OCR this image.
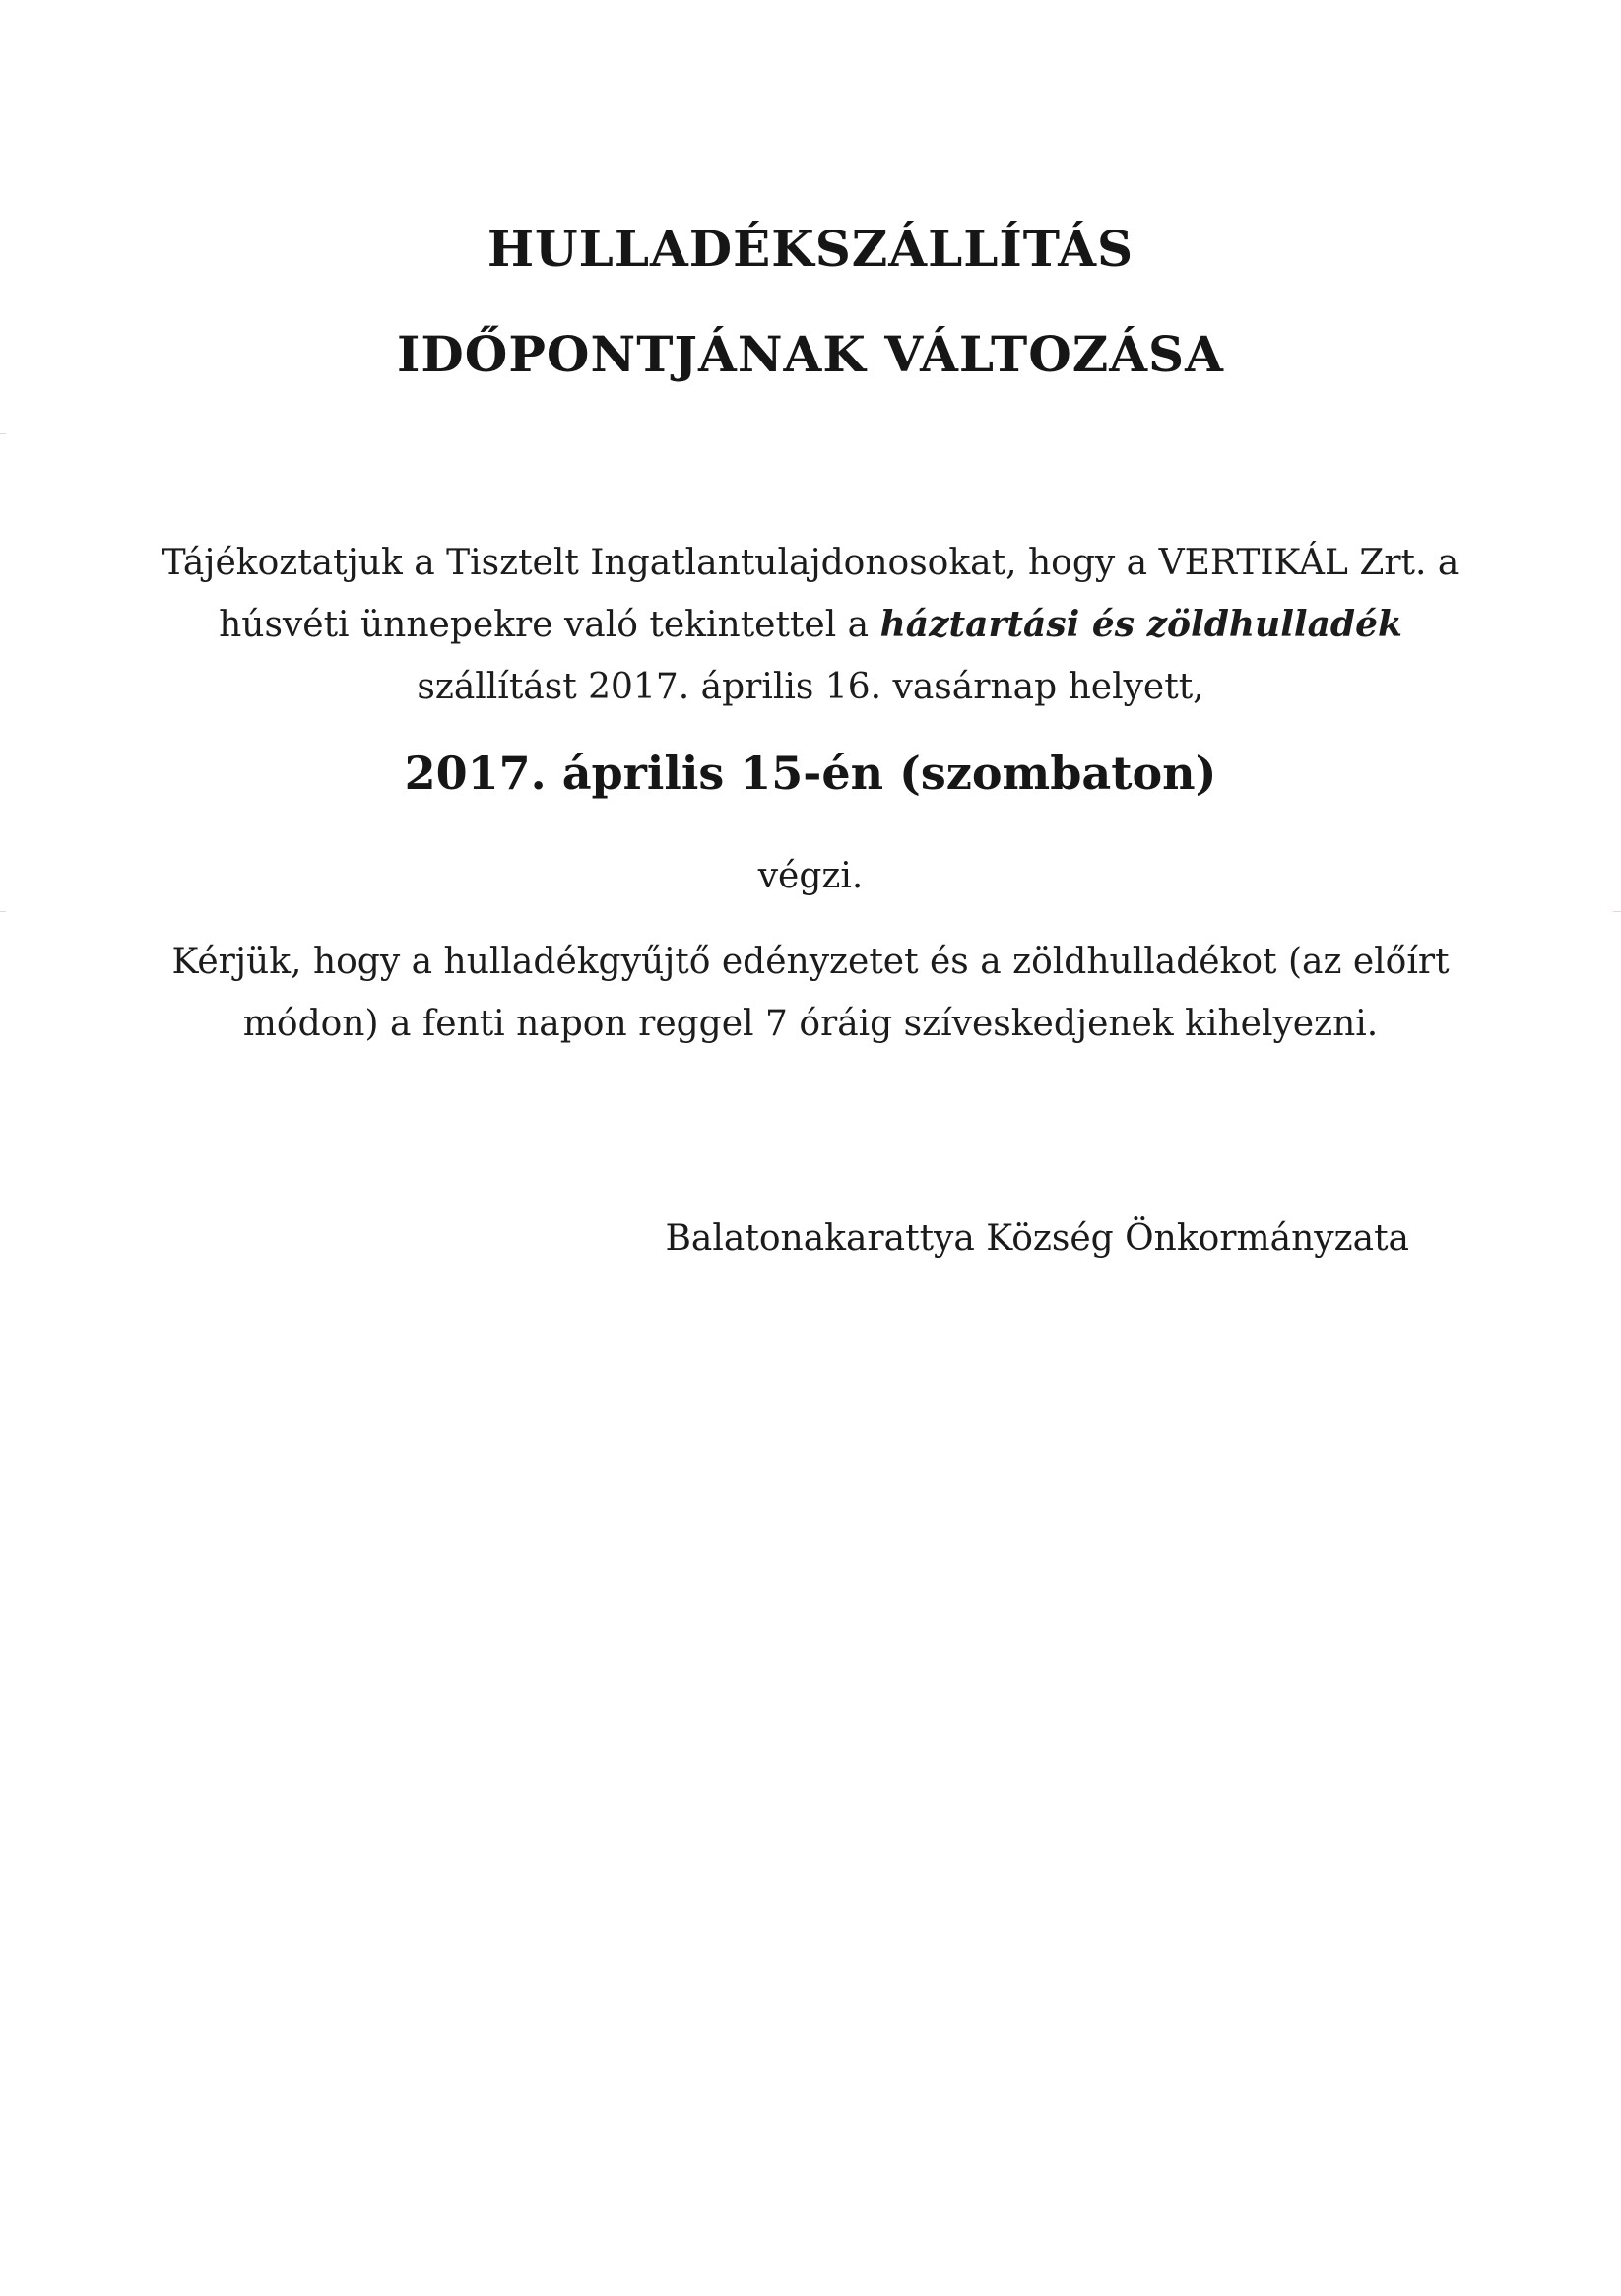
HULLADÉKSZÁLLÍTÁS
IDŐPONTJÁNAK VÁLTOZÁSA

Tájékoztatjuk a Tisztelt Ingatlantulajdonosokat, hogy a VERTIKÁL Zrt. a húsvéti ünnepekre való tekintettel a háztartási és zöldhulladék szállítást 2017. április 16. vasárnap helyett,

2017. április 15-én (szombaton)
végzi.

Kérjük, hogy a hulladékgyűjtő edényzetet és a zöldhulladékot (az előírt módon) a fenti napon reggel 7 óráig szíveskedjenek kihelyezni.

Balatonakarattya Község Önkormányzata
